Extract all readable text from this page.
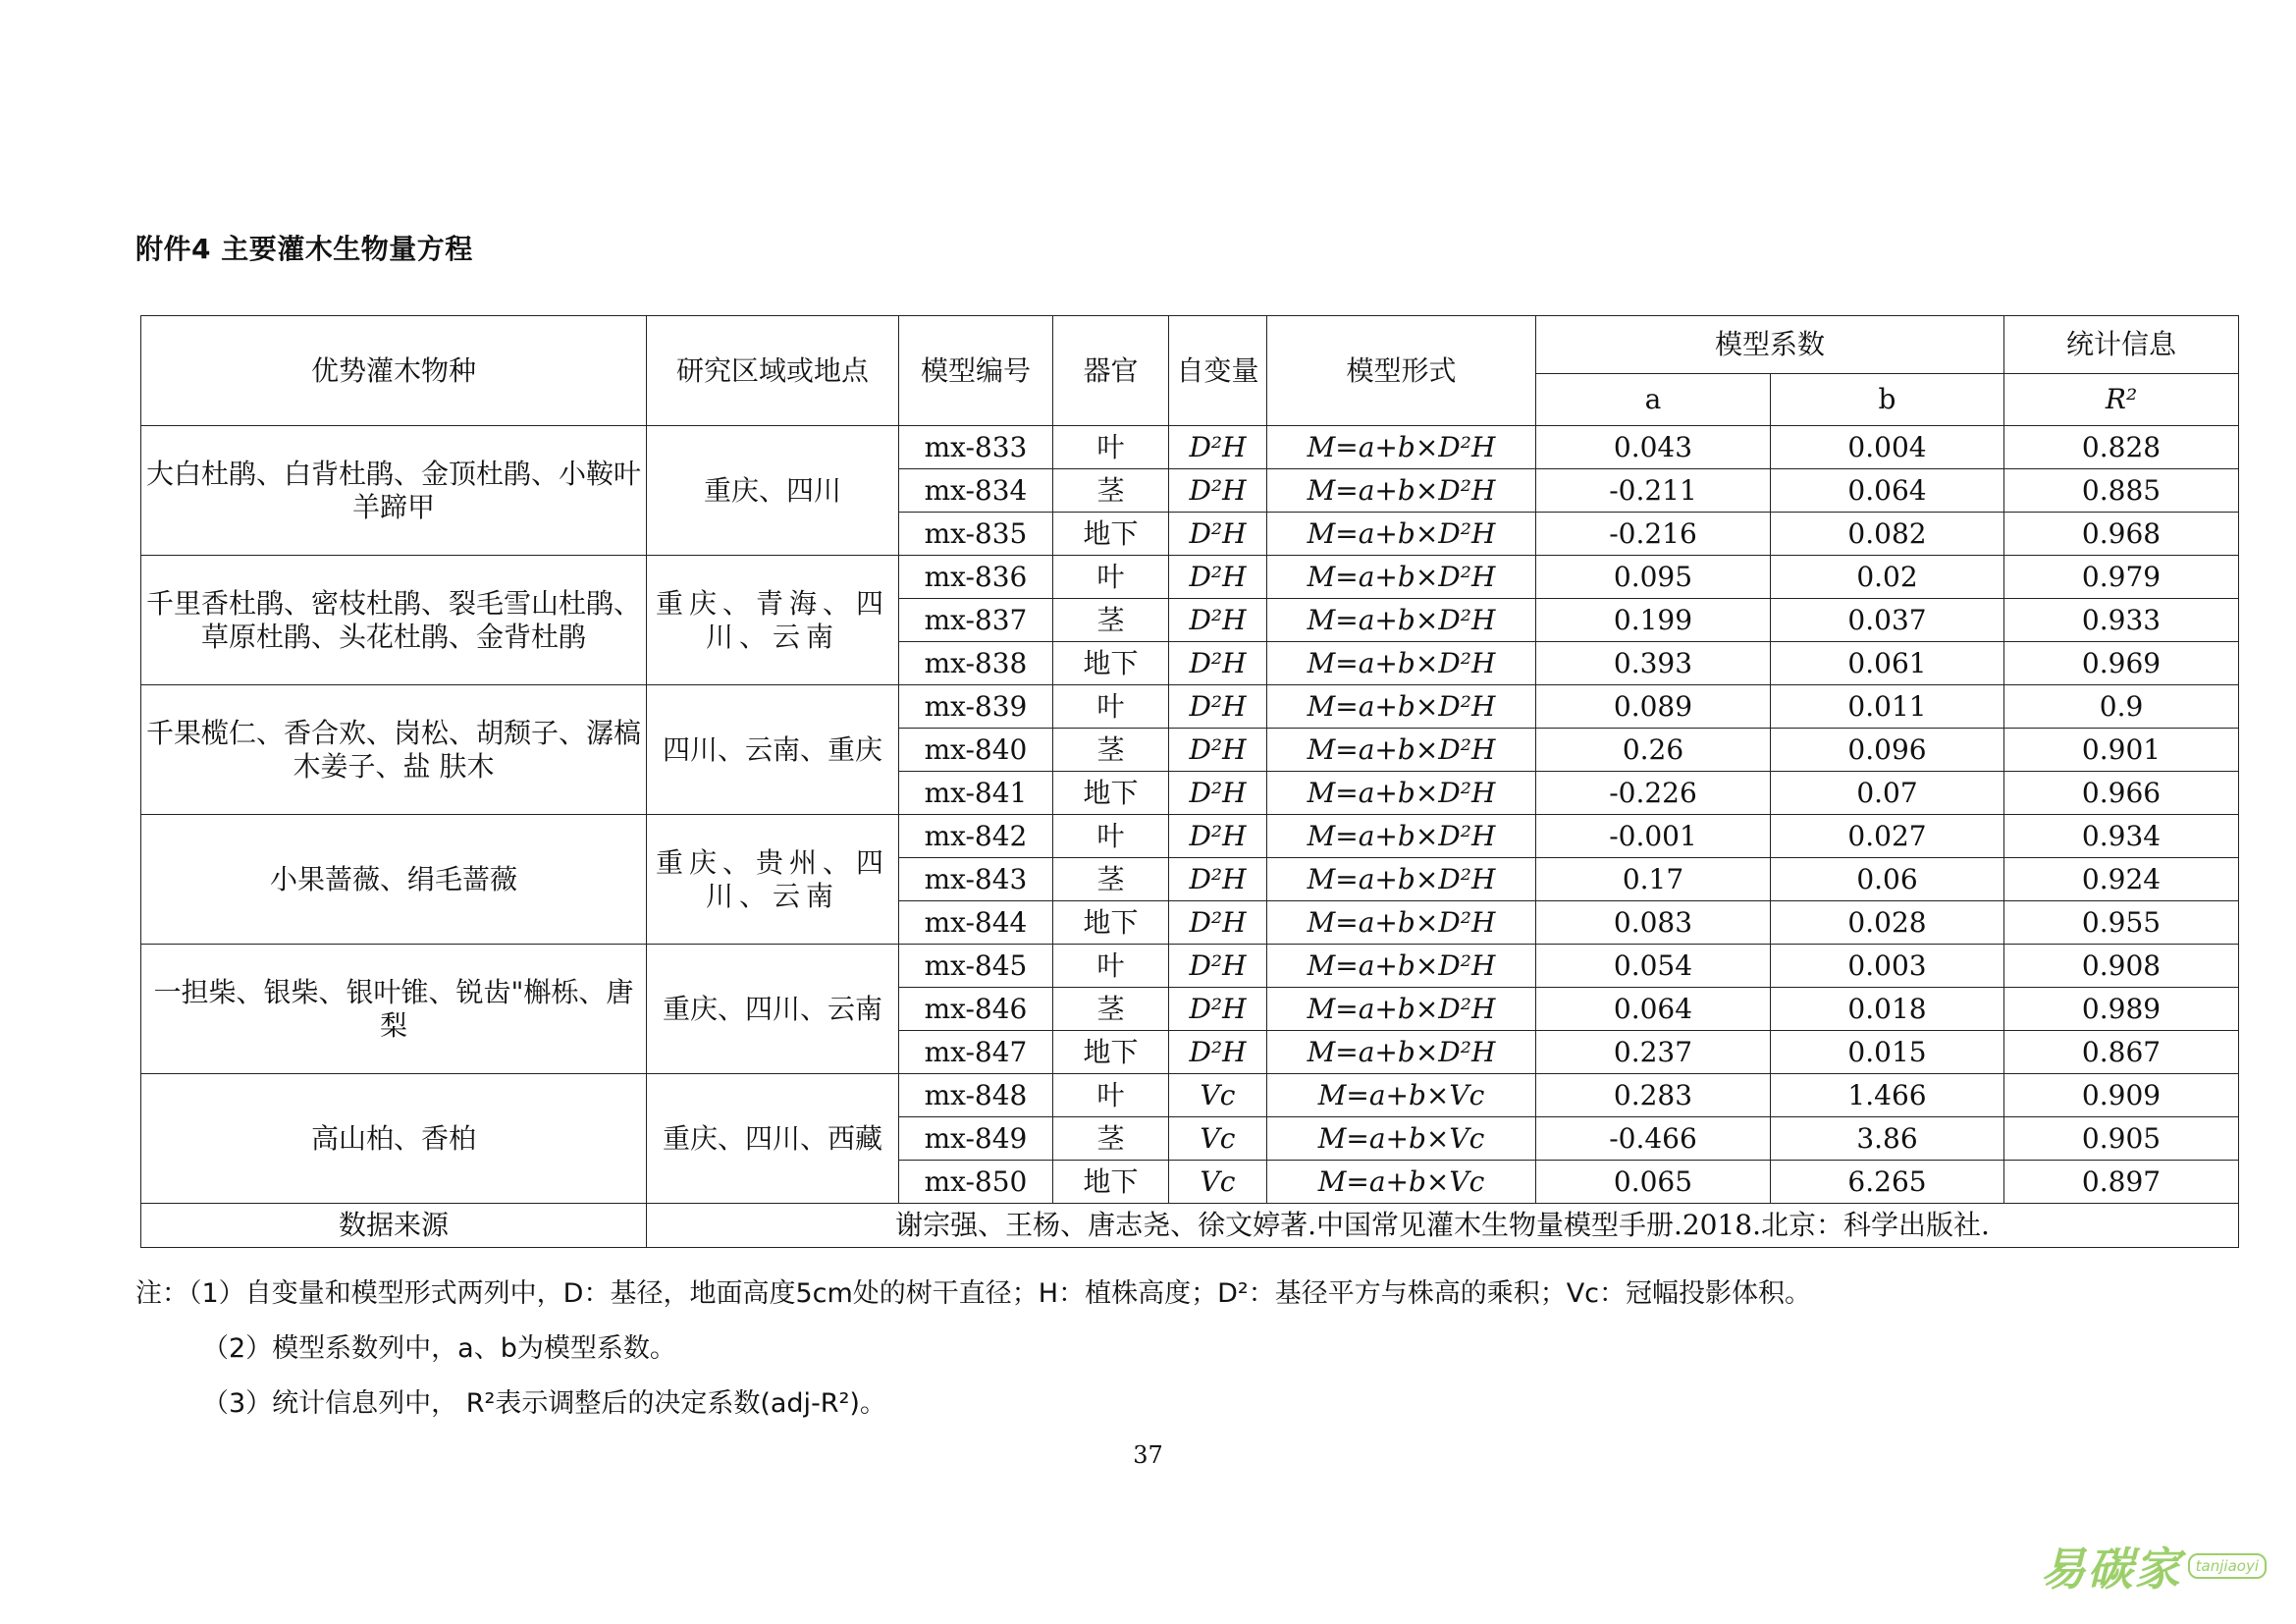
附件4 主要灌木生物量方程
优势灌木物种	研究区域或地点	模型编号	器官	自变量	模型形式	模型系数		统计信息
						a	b	R²
大白杜鹃、白背杜鹃、金顶杜鹃、小鞍叶羊蹄甲	重庆、四川	mx-833	叶	D²H	M=a+b×D²H	0.043	0.004	0.828
		mx-834	茎	D²H	M=a+b×D²H	-0.211	0.064	0.885
		mx-835	地下	D²H	M=a+b×D²H	-0.216	0.082	0.968
千里香杜鹃、密枝杜鹃、裂毛雪山杜鹃、草原杜鹃、头花杜鹃、金背杜鹃	重庆、青海、四川、云南	mx-836	叶	D²H	M=a+b×D²H	0.095	0.02	0.979
		mx-837	茎	D²H	M=a+b×D²H	0.199	0.037	0.933
		mx-838	地下	D²H	M=a+b×D²H	0.393	0.061	0.969
千果榄仁、香合欢、岗松、胡颓子、潺槁木姜子、盐 肤木	四川、云南、重庆	mx-839	叶	D²H	M=a+b×D²H	0.089	0.011	0.9
		mx-840	茎	D²H	M=a+b×D²H	0.26	0.096	0.901
		mx-841	地下	D²H	M=a+b×D²H	-0.226	0.07	0.966
小果蔷薇、绢毛蔷薇	重庆、贵州、四川、云南	mx-842	叶	D²H	M=a+b×D²H	-0.001	0.027	0.934
		mx-843	茎	D²H	M=a+b×D²H	0.17	0.06	0.924
		mx-844	地下	D²H	M=a+b×D²H	0.083	0.028	0.955
一担柴、银柴、银叶锥、锐齿"槲栎、唐梨	重庆、四川、云南	mx-845	叶	D²H	M=a+b×D²H	0.054	0.003	0.908
		mx-846	茎	D²H	M=a+b×D²H	0.064	0.018	0.989
		mx-847	地下	D²H	M=a+b×D²H	0.237	0.015	0.867
高山柏、香柏	重庆、四川、西藏	mx-848	叶	Vc	M=a+b×Vc	0.283	1.466	0.909
		mx-849	茎	Vc	M=a+b×Vc	-0.466	3.86	0.905
		mx-850	地下	Vc	M=a+b×Vc	0.065	6.265	0.897
数据来源	谢宗强、王杨、唐志尧、徐文婷著.中国常见灌木生物量模型手册.2018.北京：科学出版社.							
注：（1）自变量和模型形式两列中，D：基径，地面高度5cm处的树干直径；H：植株高度；D²：基径平方与株高的乘积；Vc：冠幅投影体积。
（2）模型系数列中，a、b为模型系数。
（3）统计信息列中， R²表示调整后的决定系数(adj-R²)。
37
易碳家 tanjiaoyi
